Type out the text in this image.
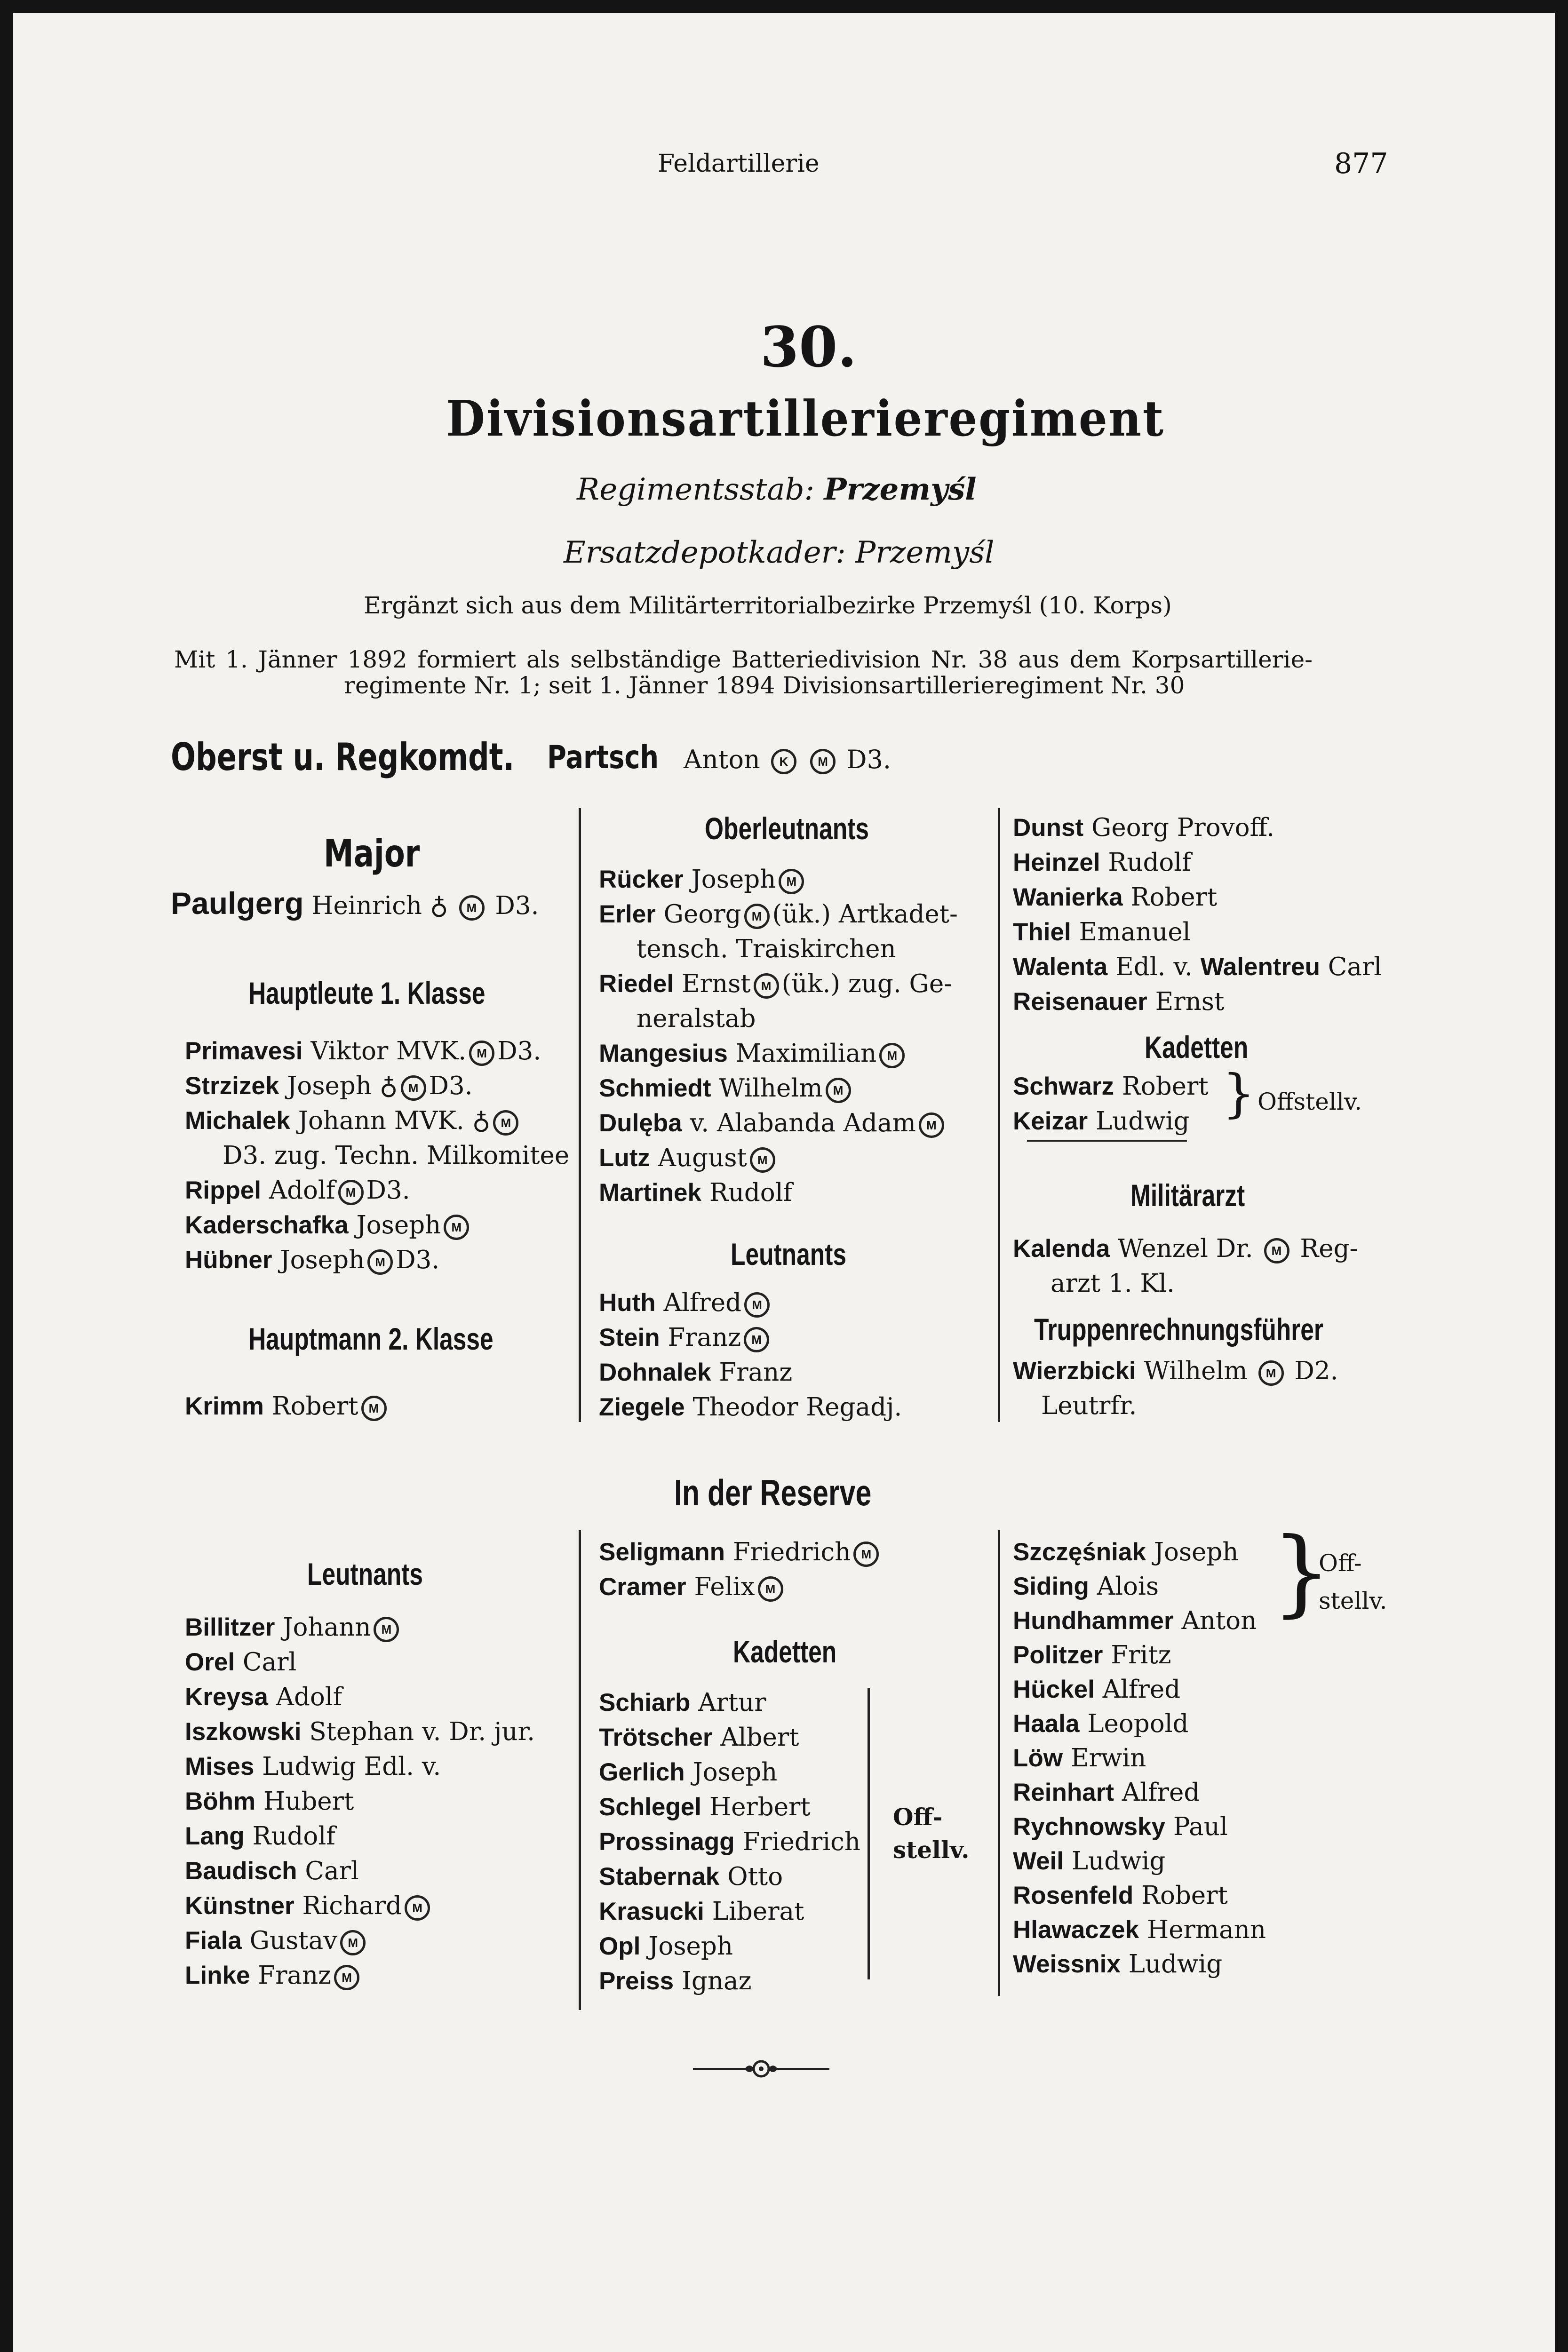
Feldartillerie	877
30.
Divisionsartillerieregiment
Regimentsstab: Przemyśl
Ersatzdepotkader: Przemyśl
Ergänzt sich aus dem Militärterritorialbezirke Przemyśl (10. Korps)
Mit 1. Jänner 1892 formiert als selbständige Batteriedivision Nr. 38 aus dem Korpsartillerie-
regimente Nr. 1; seit 1. Jänner 1894 Divisionsartillerieregiment Nr. 30
Oberst u. Regkomdt. Partsch Anton K M D3.
Major
Paulgerg Heinrich ♁ M D3.
Hauptleute 1. Klasse
Primavesi Viktor MVK. M D3.
Strzizek Joseph ♁ M D3.
Michalek Johann MVK. ♁ M
D3. zug. Techn. Milkomitee
Rippel Adolf M D3.
Kaderschafka Joseph M
Hübner Joseph M D3.
Hauptmann 2. Klasse
Krimm Robert M
Oberleutnants
Rücker Joseph M
Erler Georg M (ük.) Artkadet-
tensch. Traiskirchen
Riedel Ernst M (ük.) zug. Ge-
neralstab
Mangesius Maximilian M
Schmiedt Wilhelm M
Dulęba v. Alabanda Adam M
Lutz August M
Martinek Rudolf
Leutnants
Huth Alfred M
Stein Franz M
Dohnalek Franz
Ziegele Theodor Regadj.
Dunst Georg Provoff.
Heinzel Rudolf
Wanierka Robert
Thiel Emanuel
Walenta Edl. v. Walentreu Carl
Reisenauer Ernst
Kadetten
Schwarz Robert
Keizar Ludwig } Offstellv.
Militärarzt
Kalenda Wenzel Dr. M Reg-
arzt 1. Kl.
Truppenrechnungsführer
Wierzbicki Wilhelm M D2.
Leutrfr.
In der Reserve
Leutnants
Billitzer Johann M
Orel Carl
Kreysa Adolf
Iszkowski Stephan v. Dr. jur.
Mises Ludwig Edl. v.
Böhm Hubert
Lang Rudolf
Baudisch Carl
Künstner Richard M
Fiala Gustav M
Linke Franz M
Seligmann Friedrich M
Cramer Felix M
Kadetten
Schiarb Artur
Trötscher Albert
Gerlich Joseph
Schlegel Herbert
Prossinagg Friedrich
Stabernak Otto
Krasucki Liberat
Opl Joseph
Preiss Ignaz
Off-
stellv.
Szczęśniak Joseph
Siding Alois
Hundhammer Anton
Politzer Fritz
Hückel Alfred
Haala Leopold
Löw Erwin
Reinhart Alfred
Rychnowsky Paul
Weil Ludwig
Rosenfeld Robert
Hlawaczek Hermann
Weissnix Ludwig
}
Off-
stellv.
